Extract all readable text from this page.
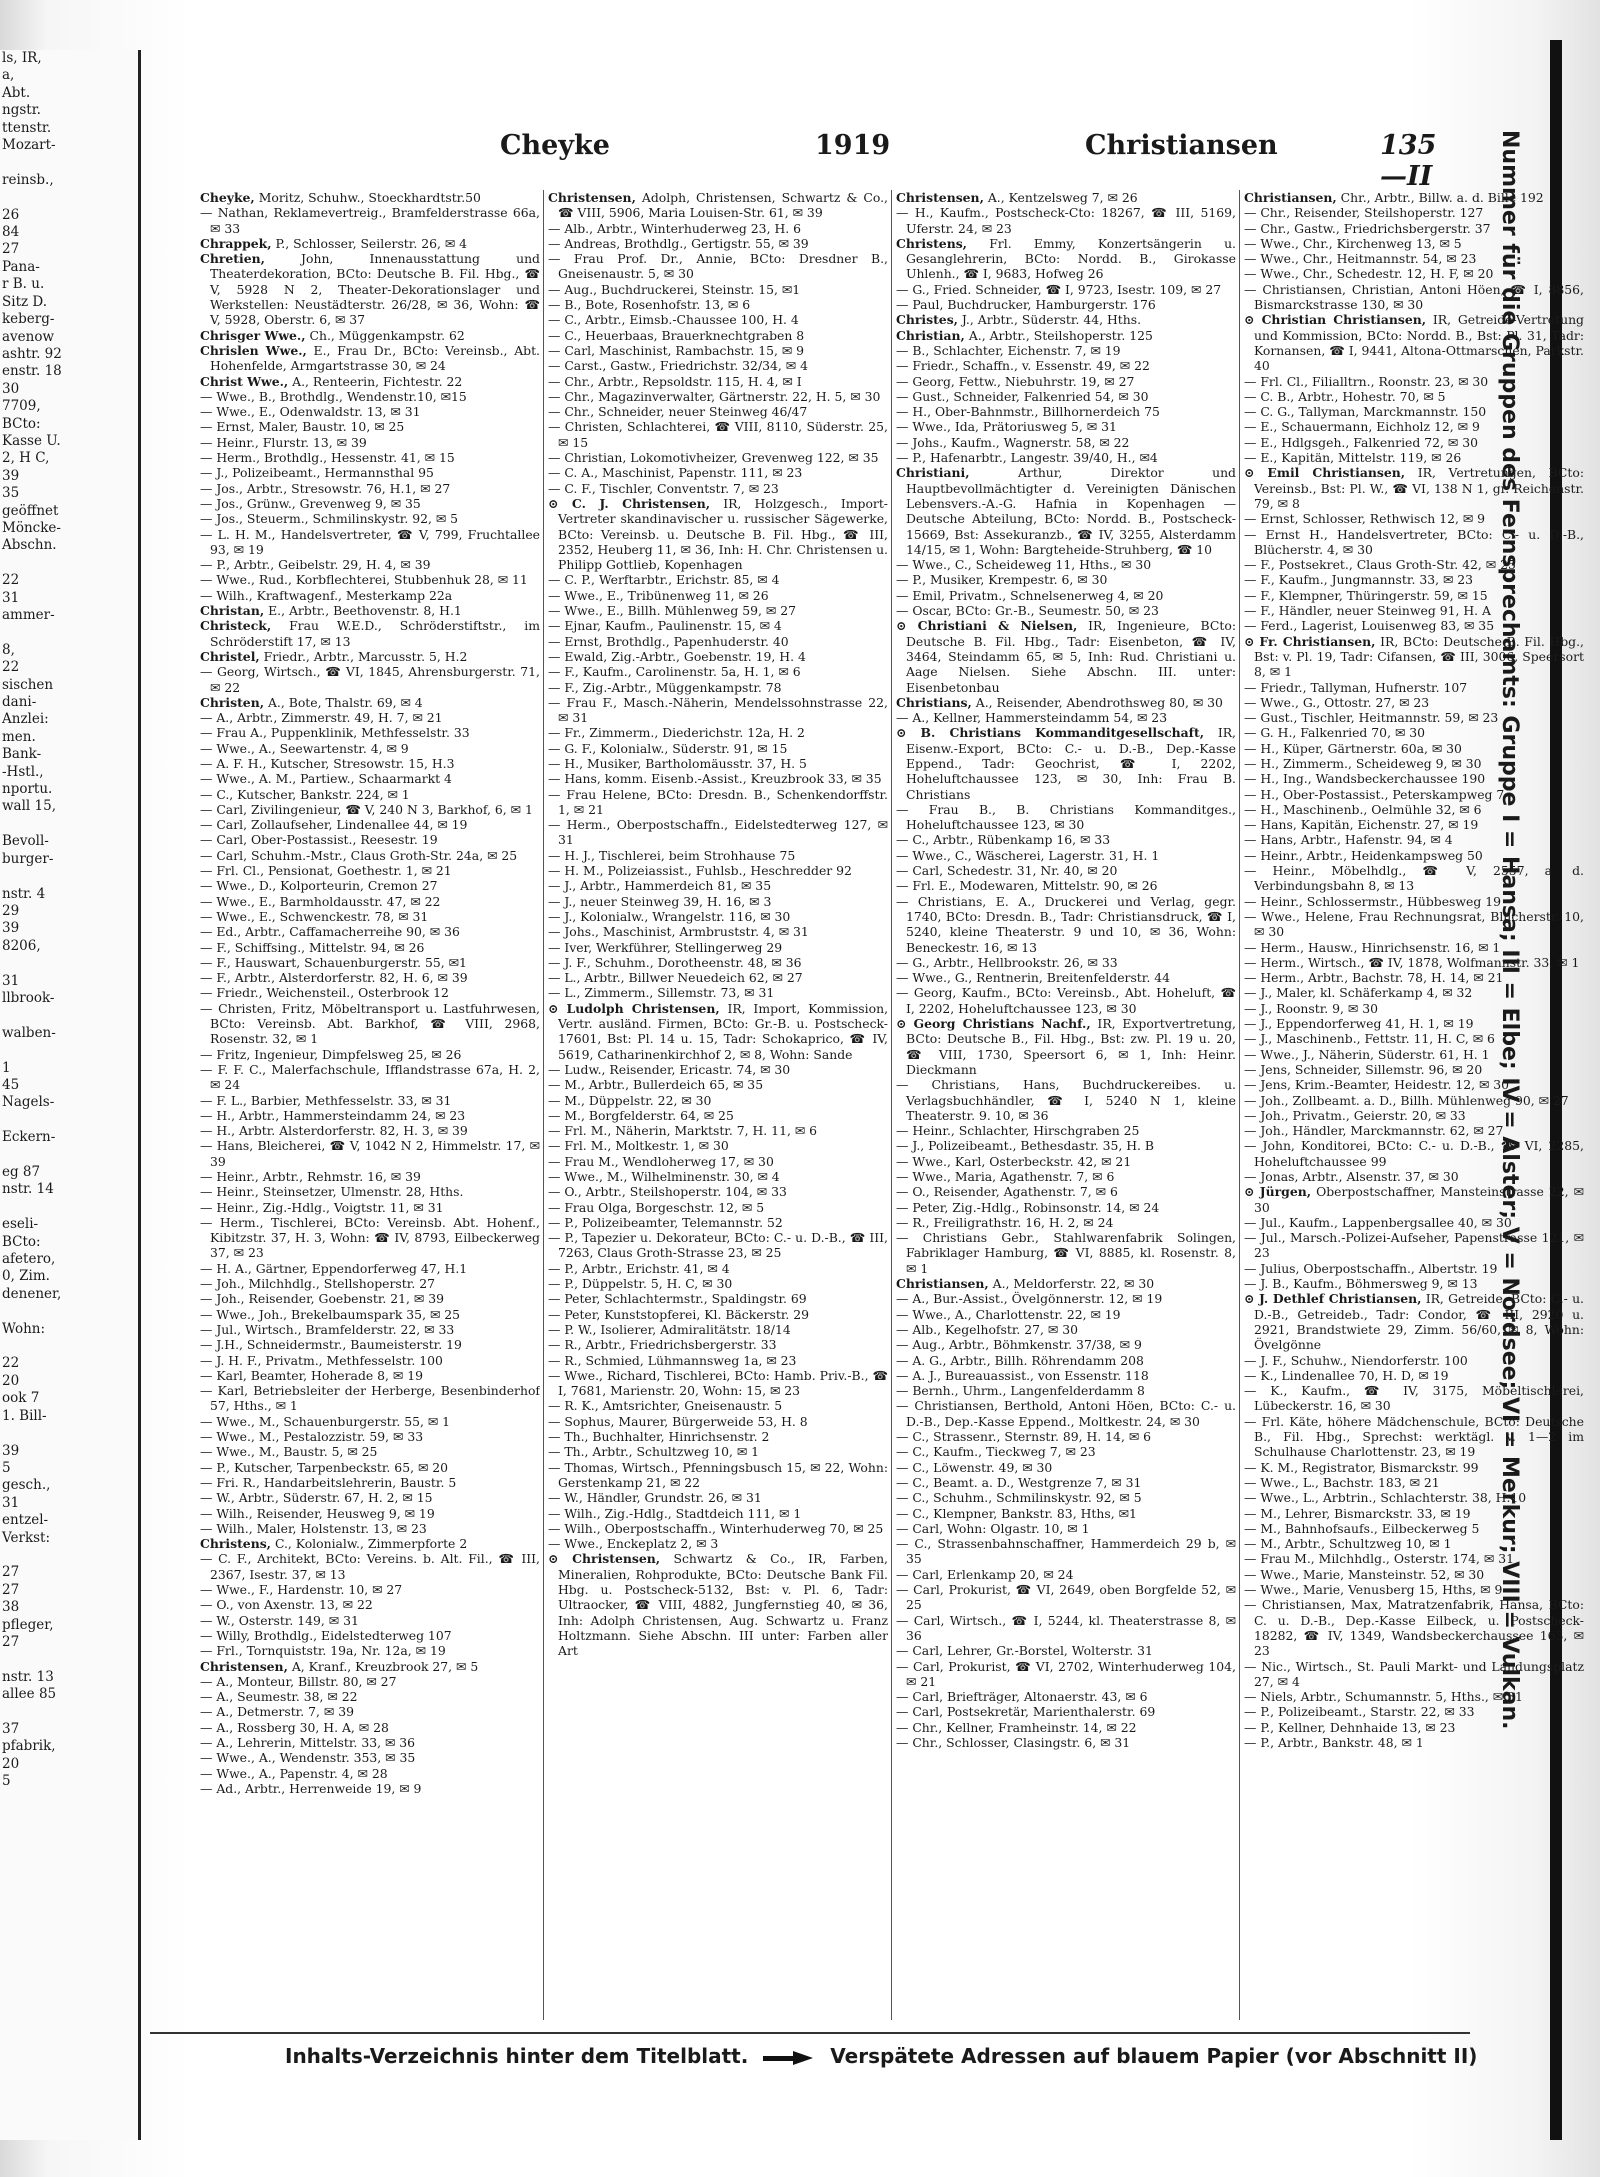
ls, IR,
a,
Abt.
ngstr.
ttenstr.
Mozart-

reinsb.,

26
84
27
Pana-
r B. u.
Sitz D.
keberg-
avenow
ashtr. 92
enstr. 18
30
7709,
BCto:
Kasse U.
2, H C,
39
35
geöffnet
Möncke-
Abschn.

22
31
ammer-

8,
22
sischen
dani-
Anzlei:
men.
Bank-
-Hstl.,
nportu.
wall 15,

Bevoll-
burger-

nstr. 4
29
39
8206,

31
llbrook-

walben-

1
45
Nagels-

Eckern-

eg 87
nstr. 14

eseli-
BCto:
afetero,
0, Zim.
denener,

Wohn:

22
20
ook 7
1. Bill-

39
5
gesch.,
31
entzel-
Verkst:

27
27
38
pfleger,
27

nstr. 13
allee 85

37
pfabrik,
20
5
Cheyke	1919	Christiansen	135—II
Cheyke, Moritz, Schuhw., Stoeckhardtstr.50
— Nathan, Reklamevertreig., Bramfelderstrasse 66a, ✉ 33
Chrappek, P., Schlosser, Seilerstr. 26, ✉ 4
Chretien, John, Innenausstattung und Theaterdekoration, BCto: Deutsche B. Fil. Hbg., ☎ V, 5928 N 2, Theater-Dekorationslager und Werkstellen: Neustädterstr. 26/28, ✉ 36, Wohn: ☎ V, 5928, Oberstr. 6, ✉ 37
Chrisger Wwe., Ch., Müggenkampstr. 62
Chrislen Wwe., E., Frau Dr., BCto: Vereinsb., Abt. Hohenfelde, Armgartstrasse 30, ✉ 24
Christ Wwe., A., Renteerin, Fichtestr. 22
— Wwe., B., Brothdlg., Wendenstr.10, ✉15
— Wwe., E., Odenwaldstr. 13, ✉ 31
— Ernst, Maler, Baustr. 10, ✉ 25
— Heinr., Flurstr. 13, ✉ 39
— Herm., Brothdlg., Hessenstr. 41, ✉ 15
— J., Polizeibeamt., Hermannsthal 95
— Jos., Arbtr., Stresowstr. 76, H.1, ✉ 27
— Jos., Grünw., Grevenweg 9, ✉ 35
— Jos., Steuerm., Schmilinskystr. 92, ✉ 5
— L. H. M., Handelsvertreter, ☎ V, 799, Fruchtallee 93, ✉ 19
— P., Arbtr., Geibelstr. 29, H. 4, ✉ 39
— Wwe., Rud., Korbflechterei, Stubbenhuk 28, ✉ 11
— Wilh., Kraftwagenf., Mesterkamp 22a
Christan, E., Arbtr., Beethovenstr. 8, H.1
Christeck, Frau W.E.D., Schröderstiftstr., im Schröderstift 17, ✉ 13
Christel, Friedr., Arbtr., Marcusstr. 5, H.2
— Georg, Wirtsch., ☎ VI, 1845, Ahrensburgerstr. 71, ✉ 22
Christen, A., Bote, Thalstr. 69, ✉ 4
— A., Arbtr., Zimmerstr. 49, H. 7, ✉ 21
— Frau A., Puppenklinik, Methfesselstr. 33
— Wwe., A., Seewartenstr. 4, ✉ 9
— A. F. H., Kutscher, Stresowstr. 15, H.3
— Wwe., A. M., Partiew., Schaarmarkt 4
— C., Kutscher, Bankstr. 224, ✉ 1
— Carl, Zivilingenieur, ☎ V, 240 N 3, Barkhof, 6, ✉ 1
— Carl, Zollaufseher, Lindenallee 44, ✉ 19
— Carl, Ober-Postassist., Reesestr. 19
— Carl, Schuhm.-Mstr., Claus Groth-Str. 24a, ✉ 25
— Frl. Cl., Pensionat, Goethestr. 1, ✉ 21
— Wwe., D., Kolporteurin, Cremon 27
— Wwe., E., Barmholdausstr. 47, ✉ 22
— Wwe., E., Schwenckestr. 78, ✉ 31
— Ed., Arbtr., Caffamacherreihe 90, ✉ 36
— F., Schiffsing., Mittelstr. 94, ✉ 26
— F., Hauswart, Schauenburgerstr. 55, ✉1
— F., Arbtr., Alsterdorferstr. 82, H. 6, ✉ 39
— Friedr., Weichensteil., Osterbrook 12
— Christen, Fritz, Möbeltransport u. Lastfuhrwesen, BCto: Vereinsb. Abt. Barkhof, ☎ VIII, 2968, Rosenstr. 32, ✉ 1
— Fritz, Ingenieur, Dimpfelsweg 25, ✉ 26
— F. F. C., Malerfachschule, Ifflandstrasse 67a, H. 2, ✉ 24
— F. L., Barbier, Methfesselstr. 33, ✉ 31
— H., Arbtr., Hammersteindamm 24, ✉ 23
— H., Arbtr. Alsterdorferstr. 82, H. 3, ✉ 39
— Hans, Bleicherei, ☎ V, 1042 N 2, Himmelstr. 17, ✉ 39
— Heinr., Arbtr., Rehmstr. 16, ✉ 39
— Heinr., Steinsetzer, Ulmenstr. 28, Hths.
— Heinr., Zig.-Hdlg., Voigtstr. 11, ✉ 31
— Herm., Tischlerei, BCto: Vereinsb. Abt. Hohenf., Kibitzstr. 37, H. 3, Wohn: ☎ IV, 8793, Eilbeckerweg 37, ✉ 23
— H. A., Gärtner, Eppendorferweg 47, H.1
— Joh., Milchhdlg., Stellshoperstr. 27
— Joh., Reisender, Goebenstr. 21, ✉ 39
— Wwe., Joh., Brekelbaumspark 35, ✉ 25
— Jul., Wirtsch., Bramfelderstr. 22, ✉ 33
— J.H., Schneidermstr., Baumeisterstr. 19
— J. H. F., Privatm., Methfesselstr. 100
— Karl, Beamter, Hoherade 8, ✉ 19
— Karl, Betriebsleiter der Herberge, Besenbinderhof 57, Hths., ✉ 1
— Wwe., M., Schauenburgerstr. 55, ✉ 1
— Wwe., M., Pestalozzistr. 59, ✉ 33
— Wwe., M., Baustr. 5, ✉ 25
— P., Kutscher, Tarpenbeckstr. 65, ✉ 20
— Fri. R., Handarbeitslehrerin, Baustr. 5
— W., Arbtr., Süderstr. 67, H. 2, ✉ 15
— Wilh., Reisender, Heusweg 9, ✉ 19
— Wilh., Maler, Holstenstr. 13, ✉ 23
Christens, C., Kolonialw., Zimmerpforte 2
— C. F., Architekt, BCto: Vereins. b. Alt. Fil., ☎ III, 2367, Isestr. 37, ✉ 13
— Wwe., F., Hardenstr. 10, ✉ 27
— O., von Axenstr. 13, ✉ 22
— W., Osterstr. 149, ✉ 31
— Willy, Brothdlg., Eidelstedterweg 107
— Frl., Tornquiststr. 19a, Nr. 12a, ✉ 19
Christensen, A, Kranf., Kreuzbrook 27, ✉ 5
— A., Monteur, Billstr. 80, ✉ 27
— A., Seumestr. 38, ✉ 22
— A., Detmerstr. 7, ✉ 39
— A., Rossberg 30, H. A, ✉ 28
— A., Lehrerin, Mittelstr. 33, ✉ 36
— Wwe., A., Wendenstr. 353, ✉ 35
— Wwe., A., Papenstr. 4, ✉ 28
— Ad., Arbtr., Herrenweide 19, ✉ 9
Christensen, Adolph, Christensen, Schwartz & Co., ☎ VIII, 5906, Maria Louisen-Str. 61, ✉ 39
— Alb., Arbtr., Winterhuderweg 23, H. 6
— Andreas, Brothdlg., Gertigstr. 55, ✉ 39
— Frau Prof. Dr., Annie, BCto: Dresdner B., Gneisenaustr. 5, ✉ 30
— Aug., Buchdruckerei, Steinstr. 15, ✉1
— B., Bote, Rosenhofstr. 13, ✉ 6
— C., Arbtr., Eimsb.-Chaussee 100, H. 4
— C., Heuerbaas, Brauerknechtgraben 8
— Carl, Maschinist, Rambachstr. 15, ✉ 9
— Carst., Gastw., Friedrichstr. 32/34, ✉ 4
— Chr., Arbtr., Repsoldstr. 115, H. 4, ✉ I
— Chr., Magazinverwalter, Gärtnerstr. 22, H. 5, ✉ 30
— Chr., Schneider, neuer Steinweg 46/47
— Christen, Schlachterei, ☎ VIII, 8110, Süderstr. 25, ✉ 15
— Christian, Lokomotivheizer, Grevenweg 122, ✉ 35
— C. A., Maschinist, Papenstr. 111, ✉ 23
— C. F., Tischler, Conventstr. 7, ✉ 23
⊙ C. J. Christensen, IR, Holzgesch., Import-Vertreter skandinavischer u. russischer Sägewerke, BCto: Vereinsb. u. Deutsche B. Fil. Hbg., ☎ III, 2352, Heuberg 11, ✉ 36, Inh: H. Chr. Christensen u. Philipp Gottlieb, Kopenhagen
— C. P., Werftarbtr., Erichstr. 85, ✉ 4
— Wwe., E., Tribünenweg 11, ✉ 26
— Wwe., E., Billh. Mühlenweg 59, ✉ 27
— Ejnar, Kaufm., Paulinenstr. 15, ✉ 4
— Ernst, Brothdlg., Papenhuderstr. 40
— Ewald, Zig.-Arbtr., Goebenstr. 19, H. 4
— F., Kaufm., Carolinenstr. 5a, H. 1, ✉ 6
— F., Zig.-Arbtr., Müggenkampstr. 78
— Frau F., Masch.-Näherin, Mendelssohnstrasse 22, ✉ 31
— Fr., Zimmerm., Diederichstr. 12a, H. 2
— G. F., Kolonialw., Süderstr. 91, ✉ 15
— H., Musiker, Bartholomäusstr. 37, H. 5
— Hans, komm. Eisenb.-Assist., Kreuzbrook 33, ✉ 35
— Frau Helene, BCto: Dresdn. B., Schenkendorffstr. 1, ✉ 21
— Herm., Oberpostschaffn., Eidelstedterweg 127, ✉ 31
— H. J., Tischlerei, beim Strohhause 75
— H. M., Polizeiassist., Fuhlsb., Heschredder 92
— J., Arbtr., Hammerdeich 81, ✉ 35
— J., neuer Steinweg 39, H. 16, ✉ 3
— J., Kolonialw., Wrangelstr. 116, ✉ 30
— Johs., Maschinist, Armbruststr. 4, ✉ 31
— Iver, Werkführer, Stellingerweg 29
— J. F., Schuhm., Dorotheenstr. 48, ✉ 36
— L., Arbtr., Billwer Neuedeich 62, ✉ 27
— L., Zimmerm., Sillemstr. 73, ✉ 31
⊙ Ludolph Christensen, IR, Import, Kommission, Vertr. ausländ. Firmen, BCto: Gr.-B. u. Postscheck-17601, Bst: Pl. 14 u. 15, Tadr: Schokaprico, ☎ IV, 5619, Catharinenkirchhof 2, ✉ 8, Wohn: Sande
— Ludw., Reisender, Ericastr. 74, ✉ 30
— M., Arbtr., Bullerdeich 65, ✉ 35
— M., Düppelstr. 22, ✉ 30
— M., Borgfelderstr. 64, ✉ 25
— Frl. M., Näherin, Marktstr. 7, H. 11, ✉ 6
— Frl. M., Moltkestr. 1, ✉ 30
— Frau M., Wendloherweg 17, ✉ 30
— Wwe., M., Wilhelminenstr. 30, ✉ 4
— O., Arbtr., Steilshoperstr. 104, ✉ 33
— Frau Olga, Borgeschstr. 12, ✉ 5
— P., Polizeibeamter, Telemannstr. 52
— P., Tapezier u. Dekorateur, BCto: C.- u. D.-B., ☎ III, 7263, Claus Groth-Strasse 23, ✉ 25
— P., Arbtr., Erichstr. 41, ✉ 4
— P., Düppelstr. 5, H. C, ✉ 30
— Peter, Schlachtermstr., Spaldingstr. 69
— Peter, Kunststopferei, Kl. Bäckerstr. 29
— P. W., Isolierer, Admiralitätstr. 18/14
— R., Arbtr., Friedrichsbergerstr. 33
— R., Schmied, Lühmannsweg 1a, ✉ 23
— Wwe., Richard, Tischlerei, BCto: Hamb. Priv.-B., ☎ I, 7681, Marienstr. 20, Wohn: 15, ✉ 23
— R. K., Amtsrichter, Gneisenaustr. 5
— Sophus, Maurer, Bürgerweide 53, H. 8
— Th., Buchhalter, Hinrichsenstr. 2
— Th., Arbtr., Schultzweg 10, ✉ 1
— Thomas, Wirtsch., Pfenningsbusch 15, ✉ 22, Wohn: Gerstenkamp 21, ✉ 22
— W., Händler, Grundstr. 26, ✉ 31
— Wilh., Zig.-Hdlg., Stadtdeich 111, ✉ 1
— Wilh., Oberpostschaffn., Winterhuderweg 70, ✉ 25
— Wwe., Enckeplatz 2, ✉ 3
⊙ Christensen, Schwartz & Co., IR, Farben, Mineralien, Rohprodukte, BCto: Deutsche Bank Fil. Hbg. u. Postscheck-5132, Bst: v. Pl. 6, Tadr: Ultraocker, ☎ VIII, 4882, Jungfernstieg 40, ✉ 36, Inh: Adolph Christensen, Aug. Schwartz u. Franz Holtzmann. Siehe Abschn. III unter: Farben aller Art
Christensen, A., Kentzelsweg 7, ✉ 26
— H., Kaufm., Postscheck-Cto: 18267, ☎ III, 5169, Uferstr. 24, ✉ 23
Christens, Frl. Emmy, Konzertsängerin u. Gesanglehrerin, BCto: Nordd. B., Girokasse Uhlenh., ☎ I, 9683, Hofweg 26
— G., Fried. Schneider, ☎ I, 9723, Isestr. 109, ✉ 27
— Paul, Buchdrucker, Hamburgerstr. 176
Christes, J., Arbtr., Süderstr. 44, Hths.
Christian, A., Arbtr., Steilshoperstr. 125
— B., Schlachter, Eichenstr. 7, ✉ 19
— Friedr., Schaffn., v. Essenstr. 49, ✉ 22
— Georg, Fettw., Niebuhrstr. 19, ✉ 27
— Gust., Schneider, Falkenried 54, ✉ 30
— H., Ober-Bahnmstr., Billhornerdeich 75
— Wwe., Ida, Prätoriusweg 5, ✉ 31
— Johs., Kaufm., Wagnerstr. 58, ✉ 22
— P., Hafenarbtr., Langestr. 39/40, H., ✉4
Christiani, Arthur, Direktor und Hauptbevollmächtigter d. Vereinigten Dänischen Lebensvers.-A.-G. Hafnia in Kopenhagen — Deutsche Abteilung, BCto: Nordd. B., Postscheck- 15669, Bst: Assekuranzb., ☎ IV, 3255, Alsterdamm 14/15, ✉ 1, Wohn: Bargteheide-Struhberg, ☎ 10
— Wwe., C., Scheideweg 11, Hths., ✉ 30
— P., Musiker, Krempestr. 6, ✉ 30
— Emil, Privatm., Schnelsenerweg 4, ✉ 20
— Oscar, BCto: Gr.-B., Seumestr. 50, ✉ 23
⊙ Christiani & Nielsen, IR, Ingenieure, BCto: Deutsche B. Fil. Hbg., Tadr: Eisenbeton, ☎ IV, 3464, Steindamm 65, ✉ 5, Inh: Rud. Christiani u. Aage Nielsen. Siehe Abschn. III. unter: Eisenbetonbau
Christians, A., Reisender, Abendrothsweg 80, ✉ 30
— A., Kellner, Hammersteindamm 54, ✉ 23
⊙ B. Christians Kommanditgesellschaft, IR, Eisenw.-Export, BCto: C.- u. D.-B., Dep.-Kasse Eppend., Tadr: Geochrist, ☎ I, 2202, Hoheluftchaussee 123, ✉ 30, Inh: Frau B. Christians
— Frau B., B. Christians Kommanditges., Hoheluftchaussee 123, ✉ 30
— C., Arbtr., Rübenkamp 16, ✉ 33
— Wwe., C., Wäscherei, Lagerstr. 31, H. 1
— Carl, Schedestr. 31, Nr. 40, ✉ 20
— Frl. E., Modewaren, Mittelstr. 90, ✉ 26
— Christians, E. A., Druckerei und Verlag, gegr. 1740, BCto: Dresdn. B., Tadr: Christiansdruck, ☎ I, 5240, kleine Theaterstr. 9 und 10, ✉ 36, Wohn: Beneckestr. 16, ✉ 13
— G., Arbtr., Hellbrookstr. 26, ✉ 33
— Wwe., G., Rentnerin, Breitenfelderstr. 44
— Georg, Kaufm., BCto: Vereinsb., Abt. Hoheluft, ☎ I, 2202, Hoheluftchaussee 123, ✉ 30
⊙ Georg Christians Nachf., IR, Exportvertretung, BCto: Deutsche B., Fil. Hbg., Bst: zw. Pl. 19 u. 20, ☎ VIII, 1730, Speersort 6, ✉ 1, Inh: Heinr. Dieckmann
— Christians, Hans, Buchdruckereibes. u. Verlagsbuchhändler, ☎ I, 5240 N 1, kleine Theaterstr. 9. 10, ✉ 36
— Heinr., Schlachter, Hirschgraben 25
— J., Polizeibeamt., Bethesdastr. 35, H. B
— Wwe., Karl, Osterbeckstr. 42, ✉ 21
— Wwe., Maria, Agathenstr. 7, ✉ 6
— O., Reisender, Agathenstr. 7, ✉ 6
— Peter, Zig.-Hdlg., Robinsonstr. 14, ✉ 24
— R., Freiligrathstr. 16, H. 2, ✉ 24
— Christians Gebr., Stahlwarenfabrik Solingen, Fabriklager Hamburg, ☎ VI, 8885, kl. Rosenstr. 8, ✉ 1
Christiansen, A., Meldorferstr. 22, ✉ 30
— A., Bur.-Assist., Övelgönnerstr. 12, ✉ 19
— Wwe., A., Charlottenstr. 22, ✉ 19
— Alb., Kegelhofstr. 27, ✉ 30
— Aug., Arbtr., Böhmkenstr. 37/38, ✉ 9
— A. G., Arbtr., Billh. Röhrendamm 208
— A. J., Bureauassist., von Essenstr. 118
— Bernh., Uhrm., Langenfelderdamm 8
— Christiansen, Berthold, Antoni Höen, BCto: C.- u. D.-B., Dep.-Kasse Eppend., Moltkestr. 24, ✉ 30
— C., Strassenr., Sternstr. 89, H. 14, ✉ 6
— C., Kaufm., Tieckweg 7, ✉ 23
— C., Löwenstr. 49, ✉ 30
— C., Beamt. a. D., Westgrenze 7, ✉ 31
— C., Schuhm., Schmilinskystr. 92, ✉ 5
— C., Klempner, Bankstr. 83, Hths, ✉1
— Carl, Wohn: Olgastr. 10, ✉ 1
— C., Strassenbahnschaffner, Hammerdeich 29 b, ✉ 35
— Carl, Erlenkamp 20, ✉ 24
— Carl, Prokurist, ☎ VI, 2649, oben Borgfelde 52, ✉ 25
— Carl, Wirtsch., ☎ I, 5244, kl. Theaterstrasse 8, ✉ 36
— Carl, Lehrer, Gr.-Borstel, Wolterstr. 31
— Carl, Prokurist, ☎ VI, 2702, Winterhuderweg 104, ✉ 21
— Carl, Briefträger, Altonaerstr. 43, ✉ 6
— Carl, Postsekretär, Marienthalerstr. 69
— Chr., Kellner, Framheinstr. 14, ✉ 22
— Chr., Schlosser, Clasingstr. 6, ✉ 31
Christiansen, Chr., Arbtr., Billw. a. d. Bille 192
— Chr., Reisender, Steilshoperstr. 127
— Chr., Gastw., Friedrichsbergerstr. 37
— Wwe., Chr., Kirchenweg 13, ✉ 5
— Wwe., Chr., Heitmannstr. 54, ✉ 23
— Wwe., Chr., Schedestr. 12, H. F, ✉ 20
— Christiansen, Christian, Antoni Höen, ☎ I, 8856, Bismarckstrasse 130, ✉ 30
⊙ Christian Christiansen, IR, Getreide-Vertretung und Kommission, BCto: Nordd. B., Bst: Pl. 31, Tadr: Kornansen, ☎ I, 9441, Altona-Ottmarschen, Parkstr. 40
— Frl. Cl., Filialltrn., Roonstr. 23, ✉ 30
— C. B., Arbtr., Hohestr. 70, ✉ 5
— C. G., Tallyman, Marckmannstr. 150
— E., Schauermann, Eichholz 12, ✉ 9
— E., Hdlgsgeh., Falkenried 72, ✉ 30
— E., Kapitän, Mittelstr. 119, ✉ 26
⊙ Emil Christiansen, IR, Vertretungen, BCto: Vereinsb., Bst: Pl. W., ☎ VI, 138 N 1, gr. Reichenstr. 79, ✉ 8
— Ernst, Schlosser, Rethwisch 12, ✉ 9
— Ernst H., Handelsvertreter, BCto: C.- u. D.-B., Blücherstr. 4, ✉ 30
— F., Postsekret., Claus Groth-Str. 42, ✉ 25
— F., Kaufm., Jungmannstr. 33, ✉ 23
— F., Klempner, Thüringerstr. 59, ✉ 15
— F., Händler, neuer Steinweg 91, H. A
— Ferd., Lagerist, Louisenweg 83, ✉ 35
⊙ Fr. Christiansen, IR, BCto: Deutsche B. Fil. Hbg., Bst: v. Pl. 19, Tadr: Cifansen, ☎ III, 3006, Speersort 8, ✉ 1
— Friedr., Tallyman, Hufnerstr. 107
— Wwe., G., Ottostr. 27, ✉ 23
— Gust., Tischler, Heitmannstr. 59, ✉ 23
— G. H., Falkenried 70, ✉ 30
— H., Küper, Gärtnerstr. 60a, ✉ 30
— H., Zimmerm., Scheideweg 9, ✉ 30
— H., Ing., Wandsbeckerchaussee 190
— H., Ober-Postassist., Peterskampweg 7
— H., Maschinenb., Oelmühle 32, ✉ 6
— Hans, Kapitän, Eichenstr. 27, ✉ 19
— Hans, Arbtr., Hafenstr. 94, ✉ 4
— Heinr., Arbtr., Heidenkampsweg 50
— Heinr., Möbelhdlg., ☎ V, 2557, a. d. Verbindungsbahn 8, ✉ 13
— Heinr., Schlossermstr., Hübbesweg 19
— Wwe., Helene, Frau Rechnungsrat, Blücherstr. 10, ✉ 30
— Herm., Hausw., Hinrichsenstr. 16, ✉ 1
— Herm., Wirtsch., ☎ IV, 1878, Wolfmannstr. 33, ✉ 1
— Herm., Arbtr., Bachstr. 78, H. 14, ✉ 21
— J., Maler, kl. Schäferkamp 4, ✉ 32
— J., Roonstr. 9, ✉ 30
— J., Eppendorferweg 41, H. 1, ✉ 19
— J., Maschinenb., Fettstr. 11, H. C, ✉ 6
— Wwe., J., Näherin, Süderstr. 61, H. 1
— Jens, Schneider, Sillemstr. 96, ✉ 20
— Jens, Krim.-Beamter, Heidestr. 12, ✉ 30
— Joh., Zollbeamt. a. D., Billh. Mühlenweg 90, ✉ 27
— Joh., Privatm., Geierstr. 20, ✉ 33
— Joh., Händler, Marckmannstr. 62, ✉ 27
— John, Konditorei, BCto: C.- u. D.-B., ☎ VI, 2285, Hoheluftchaussee 99
— Jonas, Arbtr., Alsenstr. 37, ✉ 30
⊙ Jürgen, Oberpostschaffner, Mansteinstrasse 22, ✉ 30
— Jul., Kaufm., Lappenbergsallee 40, ✉ 30
— Jul., Marsch.-Polizei-Aufseher, Papenstrasse 121, ✉ 23
— Julius, Oberpostschaffn., Albertstr. 19
— J. B., Kaufm., Böhmersweg 9, ✉ 13
⊙ J. Dethlef Christiansen, IR, Getreide, BCto: C.- u. D.-B., Getreideb., Tadr: Condor, ☎ III, 2920 u. 2921, Brandstwiete 29, Zimm. 56/60, ✉ 8, Wohn: Övelgönne
— J. F., Schuhw., Niendorferstr. 100
— K., Lindenallee 70, H. D, ✉ 19
— K., Kaufm., ☎ IV, 3175, Möbeltischlerei, Lübeckerstr. 16, ✉ 30
— Frl. Käte, höhere Mädchenschule, BCto: Deutsche B., Fil. Hbg., Sprechst: werktägl. v. 1—2 im Schulhause Charlottenstr. 23, ✉ 19
— K. M., Registrator, Bismarckstr. 99
— Wwe., L., Bachstr. 183, ✉ 21
— Wwe., L., Arbtrin., Schlachterstr. 38, H.10
— M., Lehrer, Bismarckstr. 33, ✉ 19
— M., Bahnhofsaufs., Eilbeckerweg 5
— M., Arbtr., Schultzweg 10, ✉ 1
— Frau M., Milchhdlg., Osterstr. 174, ✉ 31
— Wwe., Marie, Mansteinstr. 52, ✉ 30
— Wwe., Marie, Venusberg 15, Hths, ✉ 9
— Christiansen, Max, Matratzenfabrik, Hansa, BCto: C. u. D.-B., Dep.-Kasse Eilbeck, u. Postscheck- 18282, ☎ IV, 1349, Wandsbeckerchaussee 163, ✉ 23
— Nic., Wirtsch., St. Pauli Markt- und Landungsplatz 27, ✉ 4
— Niels, Arbtr., Schumannstr. 5, Hths., ✉ 31
— P., Polizeibeamt., Starstr. 22, ✉ 33
— P., Kellner, Dehnhaide 13, ✉ 23
— P., Arbtr., Bankstr. 48, ✉ 1
Inhalts-Verzeichnis hinter dem Titelblatt.	Verspätete Adressen auf blauem Papier (vor Abschnitt II)
Nummer für die Gruppen des Fernsprechamts: Gruppe I = Hansa; III = Elbe; IV = Alster; V = Nordsee; VI = Merkur; VIII = Vulkan.
